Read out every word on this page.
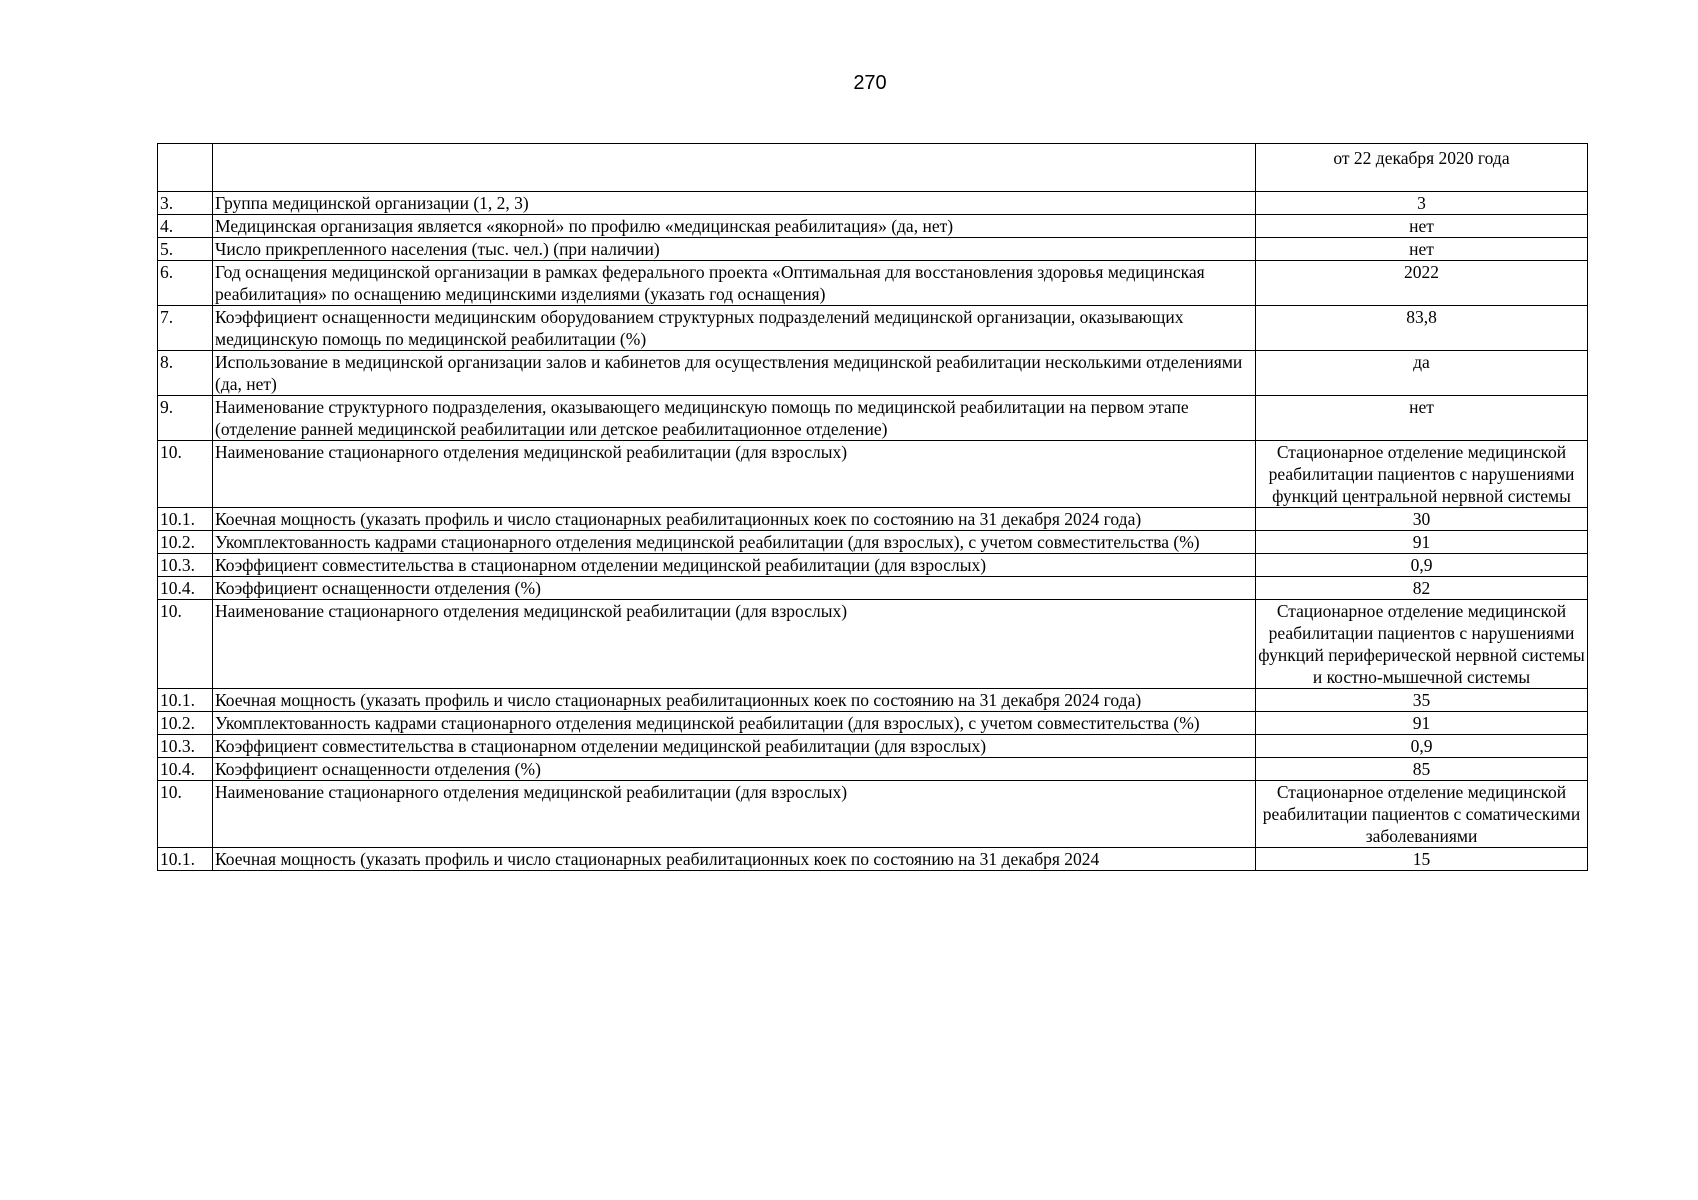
270
		от 22 декабря 2020 года
3.	Группа медицинской организации (1, 2, 3)	3
4.	Медицинская организация является «якорной» по профилю «медицинская реабилитация» (да, нет)	нет
5.	Число прикрепленного населения (тыс. чел.) (при наличии)	нет
6.	Год оснащения медицинской организации в рамках федерального проекта «Оптимальная для восстановления здоровья медицинская реабилитация» по оснащению медицинскими изделиями (указать год оснащения)	2022
7.	Коэффициент оснащенности медицинским оборудованием структурных подразделений медицинской организации, оказывающих медицинскую помощь по медицинской реабилитации (%)	83,8
8.	Использование в медицинской организации залов и кабинетов для осуществления медицинской реабилитации несколькими отделениями (да, нет)	да
9.	Наименование структурного подразделения, оказывающего медицинскую помощь по медицинской реабилитации на первом этапе (отделение ранней медицинской реабилитации или детское реабилитационное отделение)	нет
10.	Наименование стационарного отделения медицинской реабилитации (для взрослых)	Стационарное отделение медицинской реабилитации пациентов с нарушениями функций центральной нервной системы
10.1.	Коечная мощность (указать профиль и число стационарных реабилитационных коек по состоянию на 31 декабря 2024 года)	30
10.2.	Укомплектованность кадрами стационарного отделения медицинской реабилитации (для взрослых), с учетом совместительства (%)	91
10.3.	Коэффициент совместительства в стационарном отделении медицинской реабилитации (для взрослых)	0,9
10.4.	Коэффициент оснащенности отделения (%)	82
10.	Наименование стационарного отделения медицинской реабилитации (для взрослых)	Стационарное отделение медицинской реабилитации пациентов с нарушениями функций периферической нервной системы и костно-мышечной системы
10.1.	Коечная мощность (указать профиль и число стационарных реабилитационных коек по состоянию на 31 декабря 2024 года)	35
10.2.	Укомплектованность кадрами стационарного отделения медицинской реабилитации (для взрослых), с учетом совместительства (%)	91
10.3.	Коэффициент совместительства в стационарном отделении медицинской реабилитации (для взрослых)	0,9
10.4.	Коэффициент оснащенности отделения (%)	85
10.	Наименование стационарного отделения медицинской реабилитации (для взрослых)	Стационарное отделение медицинской реабилитации пациентов с соматическими заболеваниями
10.1.	Коечная мощность (указать профиль и число стационарных реабилитационных коек по состоянию на 31 декабря 2024	15
